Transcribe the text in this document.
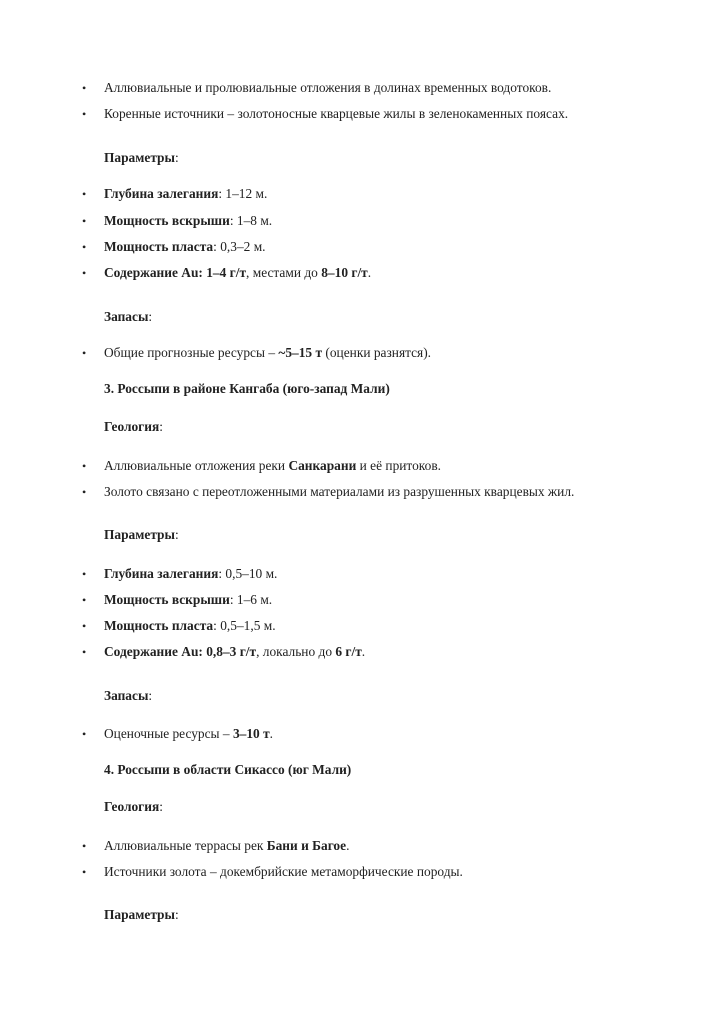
•	Аллювиальные и пролювиальные отложения в долинах временных водотоков.
•	Коренные источники – золотоносные кварцевые жилы в зеленокаменных поясах.
Параметры:
•	Глубина залегания: 1–12 м.
•	Мощность вскрыши: 1–8 м.
•	Мощность пласта: 0,3–2 м.
•	Содержание Au: 1–4 г/т, местами до 8–10 г/т.
Запасы:
•	Общие прогнозные ресурсы – ~5–15 т (оценки разнятся).
3. Россыпи в районе Кангаба (юго-запад Мали)
Геология:
•	Аллювиальные отложения реки Санкарани и её притоков.
•	Золото связано с переотложенными материалами из разрушенных кварцевых жил.
Параметры:
•	Глубина залегания: 0,5–10 м.
•	Мощность вскрыши: 1–6 м.
•	Мощность пласта: 0,5–1,5 м.
•	Содержание Au: 0,8–3 г/т, локально до 6 г/т.
Запасы:
•	Оценочные ресурсы – 3–10 т.
4. Россыпи в области Сикассо (юг Мали)
Геология:
•	Аллювиальные террасы рек Бани и Багое.
•	Источники золота – докембрийские метаморфические породы.
Параметры:
